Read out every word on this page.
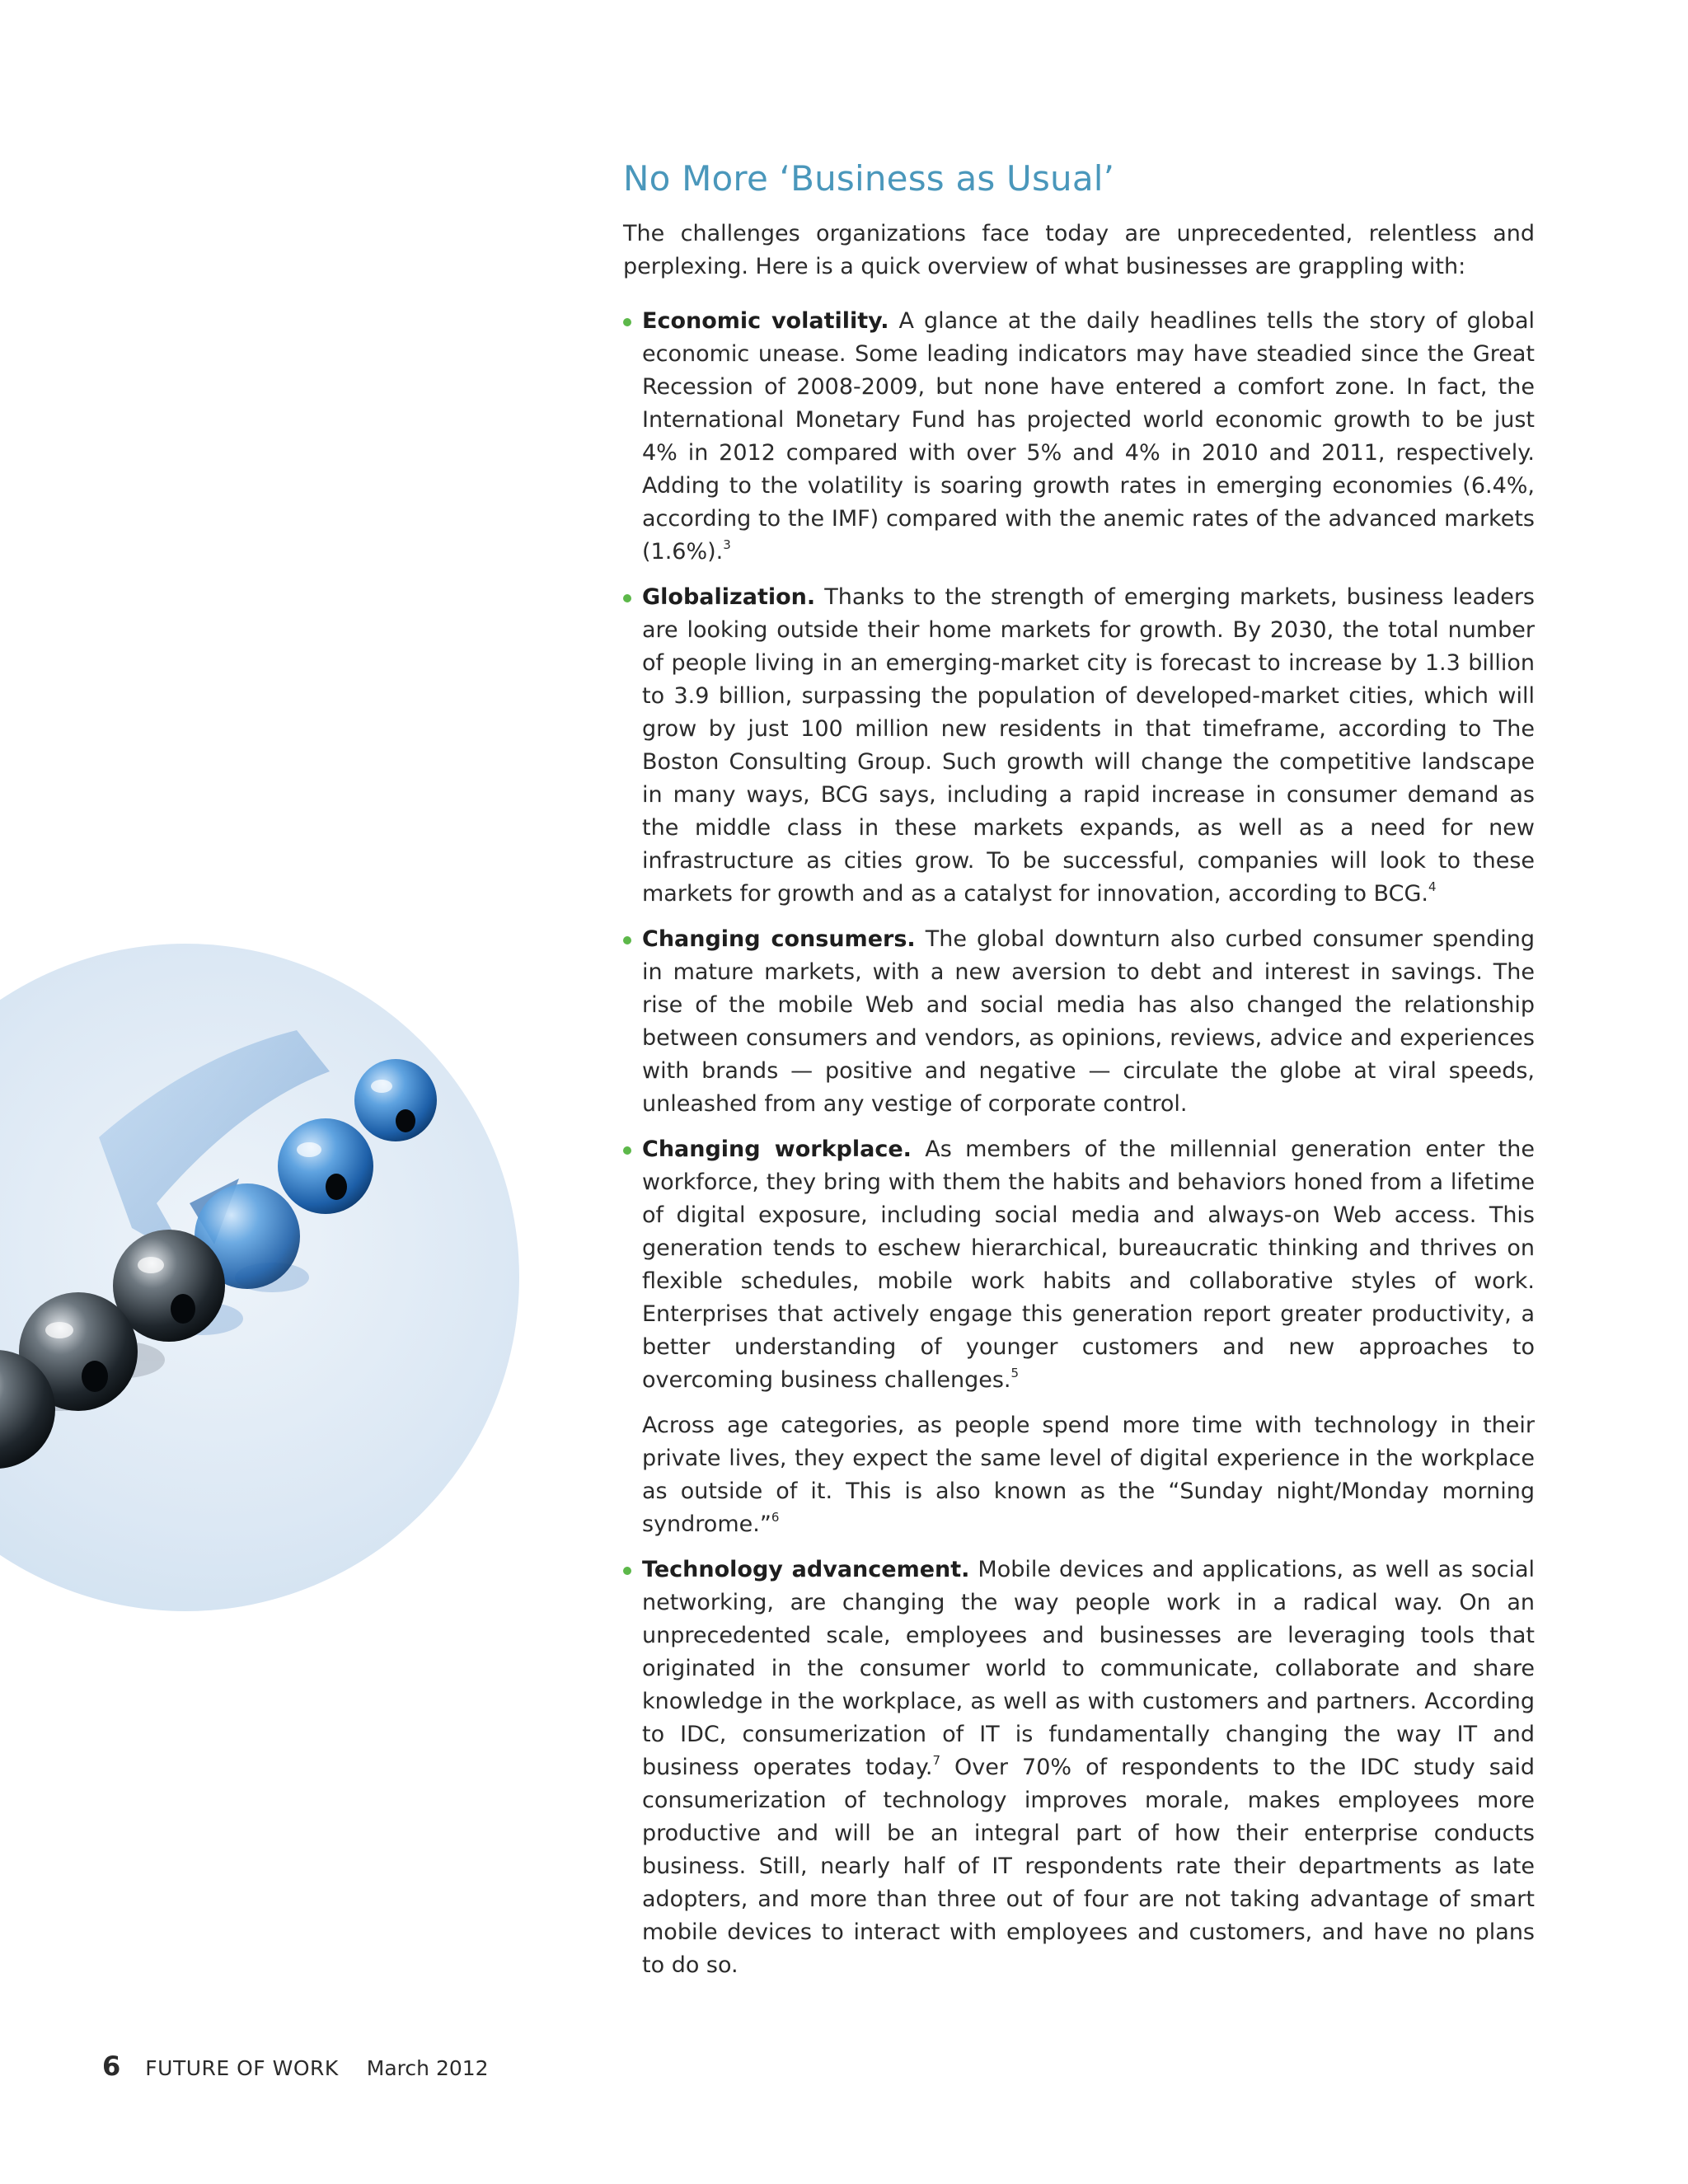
No More ‘Business as Usual’

The challenges organizations face today are unprecedented, relentless and perplexing. Here is a quick overview of what businesses are grappling with:

Economic volatility. A glance at the daily headlines tells the story of global economic unease. Some leading indicators may have steadied since the Great Recession of 2008-2009, but none have entered a comfort zone. In fact, the International Monetary Fund has projected world economic growth to be just 4% in 2012 compared with over 5% and 4% in 2010 and 2011, respectively. Adding to the volatility is soaring growth rates in emerging economies (6.4%, according to the IMF) compared with the anemic rates of the advanced markets (1.6%).$^3$

Globalization. Thanks to the strength of emerging markets, business leaders are looking outside their home markets for growth. By 2030, the total number of people living in an emerging-market city is forecast to increase by 1.3 billion to 3.9 billion, surpassing the population of developed-market cities, which will grow by just 100 million new residents in that timeframe, according to The Boston Consulting Group. Such growth will change the competitive landscape in many ways, BCG says, including a rapid increase in consumer demand as the middle class in these markets expands, as well as a need for new infrastructure as cities grow. To be successful, companies will look to these markets for growth and as a catalyst for innovation, according to BCG.$^4$

Changing consumers. The global downturn also curbed consumer spending in mature markets, with a new aversion to debt and interest in savings. The rise of the mobile Web and social media has also changed the relationship between consumers and vendors, as opinions, reviews, advice and experiences with brands — positive and negative — circulate the globe at viral speeds, unleashed from any vestige of corporate control.

Changing workplace. As members of the millennial generation enter the workforce, they bring with them the habits and behaviors honed from a lifetime of digital exposure, including social media and always-on Web access. This generation tends to eschew hierarchical, bureaucratic thinking and thrives on flexible schedules, mobile work habits and collaborative styles of work. Enterprises that actively engage this generation report greater productivity, a better understanding of younger customers and new approaches to overcoming business challenges.$^5$

Across age categories, as people spend more time with technology in their private lives, they expect the same level of digital experience in the workplace as outside of it. This is also known as the “Sunday night/Monday morning syndrome.”$^6$

Technology advancement. Mobile devices and applications, as well as social networking, are changing the way people work in a radical way. On an unprecedented scale, employees and businesses are leveraging tools that originated in the consumer world to communicate, collaborate and share knowledge in the workplace, as well as with customers and partners. According to IDC, consumerization of IT is fundamentally changing the way IT and business operates today.$^7$ Over 70% of respondents to the IDC study said consumerization of technology improves morale, makes employees more productive and will be an integral part of how their enterprise conducts business. Still, nearly half of IT respondents rate their departments as late adopters, and more than three out of four are not taking advantage of smart mobile devices to interact with employees and customers, and have no plans to do so.

6 FUTURE OF WORK March 2012
